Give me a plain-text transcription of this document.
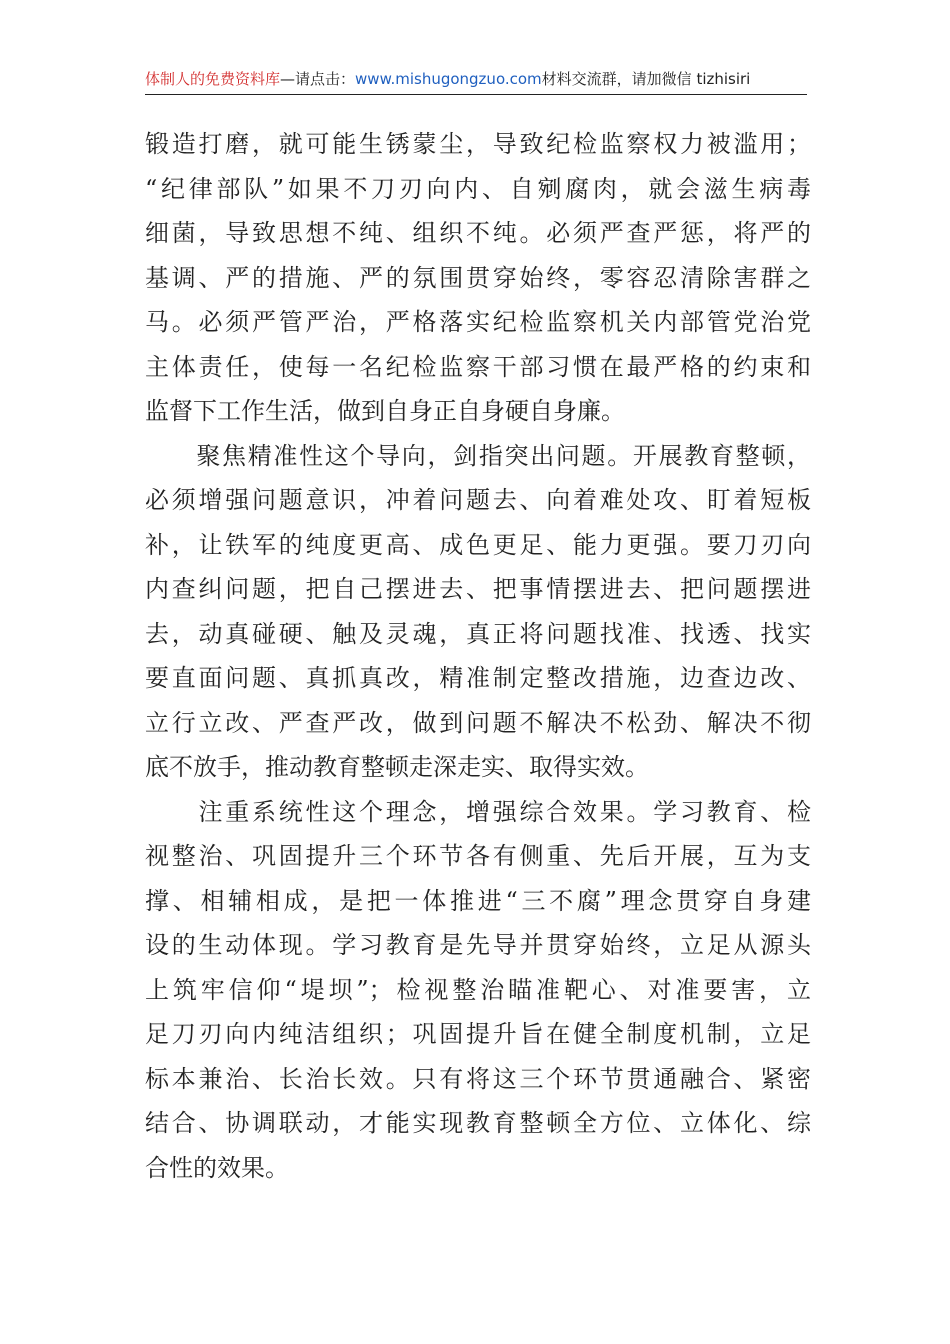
体制人的免费资料库—请点击：www.mishugongzuo.com材料交流群，请加微信 tizhisiri
锻造打磨，就可能生锈蒙尘，导致纪检监察权力被滥用；
“纪律部队”如果不刀刃向内、自剜腐肉，就会滋生病毒
细菌，导致思想不纯、组织不纯。必须严查严惩，将严的
基调、严的措施、严的氛围贯穿始终，零容忍清除害群之
马。必须严管严治，严格落实纪检监察机关内部管党治党
主体责任，使每一名纪检监察干部习惯在最严格的约束和
监督下工作生活，做到自身正自身硬自身廉。
　　聚焦精准性这个导向，剑指突出问题。开展教育整顿，
必须增强问题意识，冲着问题去、向着难处攻、盯着短板
补，让铁军的纯度更高、成色更足、能力更强。要刀刃向
内查纠问题，把自己摆进去、把事情摆进去、把问题摆进
去，动真碰硬、触及灵魂，真正将问题找准、找透、找实
要直面问题、真抓真改，精准制定整改措施，边查边改、
立行立改、严查严改，做到问题不解决不松劲、解决不彻
底不放手，推动教育整顿走深走实、取得实效。
　　注重系统性这个理念，增强综合效果。学习教育、检
视整治、巩固提升三个环节各有侧重、先后开展，互为支
撑、相辅相成，是把一体推进“三不腐”理念贯穿自身建
设的生动体现。学习教育是先导并贯穿始终，立足从源头
上筑牢信仰“堤坝”；检视整治瞄准靶心、对准要害，立
足刀刃向内纯洁组织；巩固提升旨在健全制度机制，立足
标本兼治、长治长效。只有将这三个环节贯通融合、紧密
结合、协调联动，才能实现教育整顿全方位、立体化、综
合性的效果。
